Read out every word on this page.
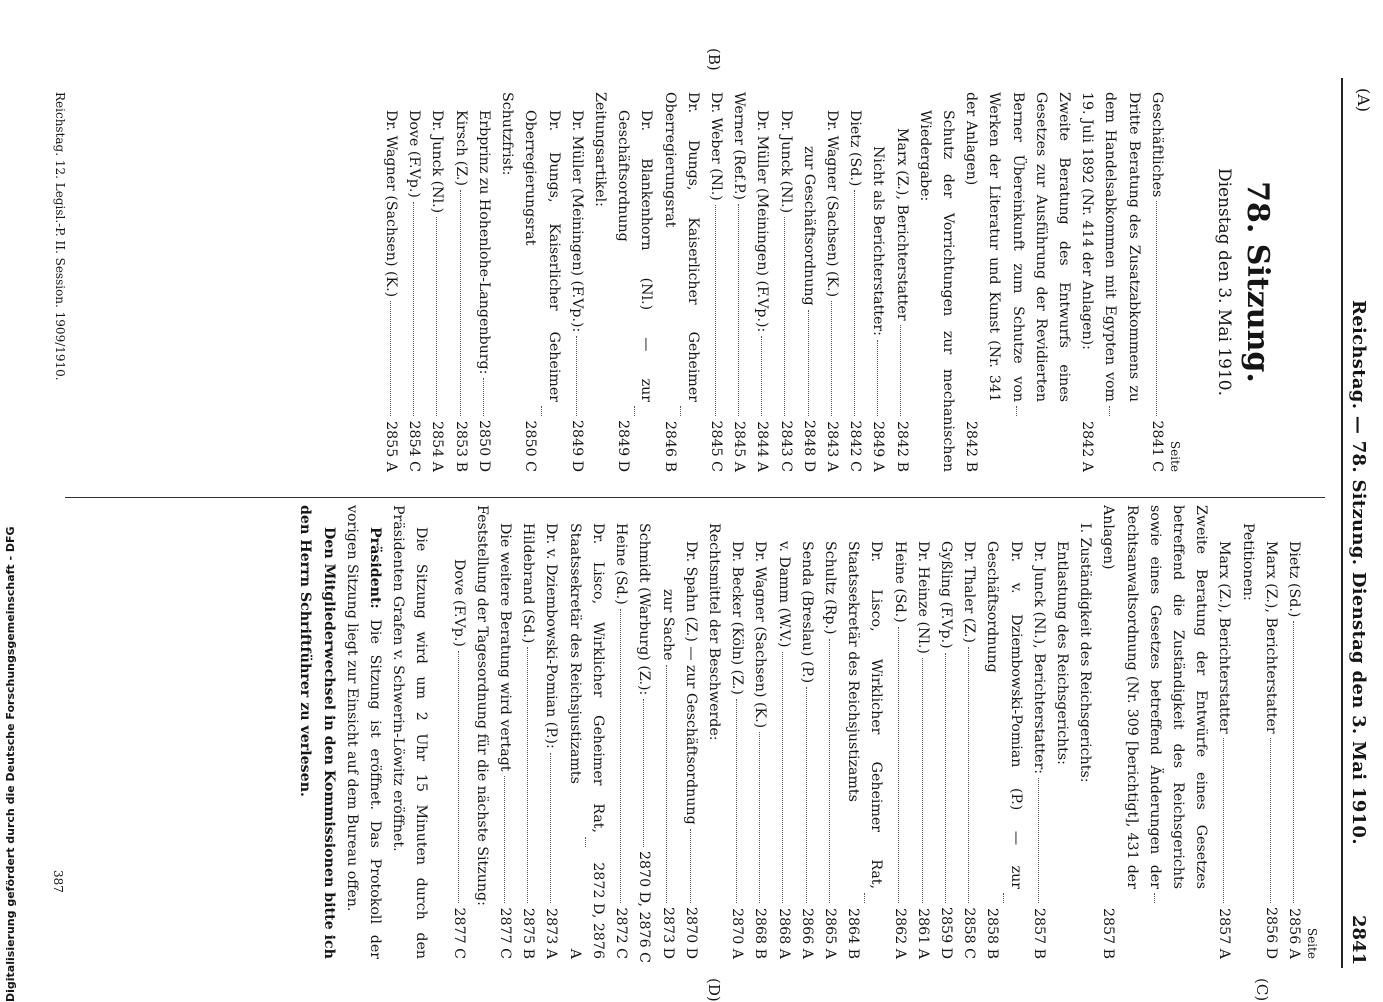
(A)
Reichstag. — 78. Sitzung. Dienstag den 3. Mai 1910.
2841
(B)
(C)
(D)
78. Sitzung.
Dienstag den 3. Mai 1910.
Seite
Geschäftliches
2841 C
Dritte Beratung des Zusatzabkommens zu dem Handelsabkommen mit Egypten vom 19. Juli 1892 (Nr. 414 der Anlagen):
2842 A
Zweite Beratung des Entwurfs eines Gesetzes zur Ausführung der Revidierten Berner Übereinkunft zum Schutze von Werken der Literatur und Kunst (Nr. 341 der Anlagen)
2842 B
Schutz der Vorrichtungen zur mechanischen Wiedergabe:
Marx (Z.), Berichterstatter
2842 B
Nicht als Berichterstatter:
2849 A
Dietz (Sd.)
2842 C
Dr. Wagner (Sachsen) (K.)
2843 A
zur Geschäftsordnung
2848 D
Dr. Junck (Nl.)
2843 C
Dr. Müller (Meiningen) (F.Vp.):
2844 A
Werner (Ref.P.)
2845 A
Dr. Weber (Nl.)
2845 C
Dr. Dungs, Kaiserlicher Geheimer Oberregierungsrat
2846 B
Dr. Blankenhorn (Nl.) — zur Geschäftsordnung
2849 D
Zeitungsartikel:
Dr. Müller (Meiningen) (F.Vp.):
2849 D
Dr. Dungs, Kaiserlicher Geheimer Oberregierungsrat
2850 C
Schutzfrist:
Erbprinz zu Hohenlohe-Langenburg:
2850 D
Kirsch (Z.)
2853 B
Dr. Junck (Nl.)
2854 A
Dove (F.Vp.)
2854 C
Dr. Wagner (Sachsen) (K.)
2855 A
Seite
Dietz (Sd.)
2856 A
Marx (Z.), Berichterstatter
2856 D
Petitionen:
Marx (Z.), Berichterstatter
2857 A
Zweite Beratung der Entwürfe eines Gesetzes betreffend die Zuständigkeit des Reichsgerichts sowie eines Gesetzes betreffend Änderungen der Rechtsanwaltsordnung (Nr. 309 [berichtigt], 431 der Anlagen)
2857 B
I. Zuständigkeit des Reichsgerichts:
Entlastung des Reichsgerichts:
Dr. Junck (Nl.), Berichterstatter:
2857 B
Dr. v. Dziembowski-Pomian (P.) — zur Geschäftsordnung
2858 B
Dr. Thaler (Z.)
2858 C
Gyßling (F.Vp.)
2859 D
Dr. Heinze (Nl.)
2861 A
Heine (Sd.)
2862 A
Dr. Lisco, Wirklicher Geheimer Rat, Staatssekretär des Reichsjustizamts
2864 B
Schultz (Rp.)
2865 A
Senda (Breslau) (P.)
2866 A
v. Damm (W.V.)
2868 A
Dr. Wagner (Sachsen) (K.)
2868 B
Dr. Becker (Köln) (Z.)
2870 A
Rechtsmittel der Beschwerde:
Dr. Spahn (Z.) — zur Geschäftsordnung
2870 D
zur Sache
2873 D
Schmidt (Warburg) (Z.):
2870 D, 2876 C
Heine (Sd.)
2872 C
Dr. Lisco, Wirklicher Geheimer Rat, Staatssekretär des Reichsjustizamts
2872 D, 2876 A
Dr. v. Dziembowski-Pomian (P.):
2873 A
Hildebrand (Sd.)
2875 B
Die weitere Beratung wird vertagt
2877 C
Feststellung der Tagesordnung für die nächste Sitzung:
Dove (F.Vp.)
2877 C
Die Sitzung wird um 2 Uhr 15 Minuten durch den Präsidenten Grafen v. Schwerin-Löwitz eröffnet.
Präsident: Die Sitzung ist eröffnet. Das Protokoll der vorigen Sitzung liegt zur Einsicht auf dem Bureau offen.
Den Mitgliederwechsel in den Kommissionen bitte ich den Herrn Schriftführer zu verlesen.
Reichstag. 12. Legisl.-P. II. Session. 1909/1910.
387
Digitalisierung gefördert durch die Deutsche Forschungsgemeinschaft - DFG
